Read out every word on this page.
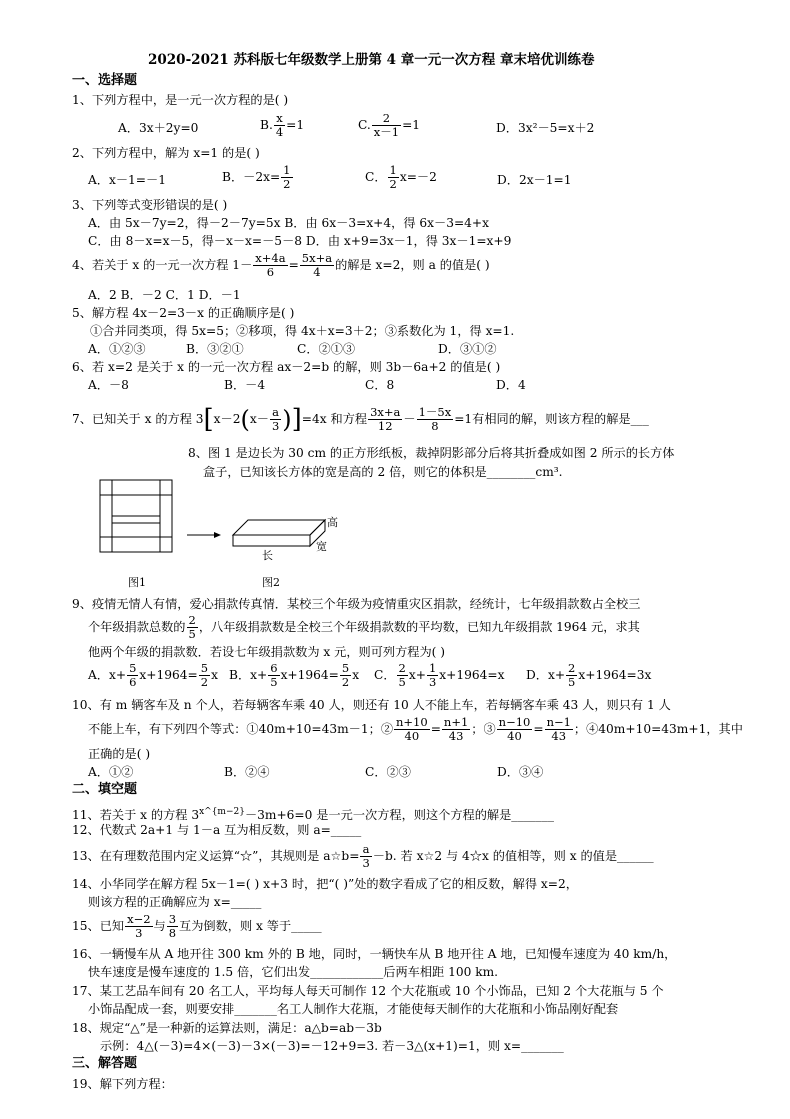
2020-2021 苏科版七年级数学上册第 4 章一元一次方程 章末培优训练卷
一、选择题
1、下列方程中，是一元一次方程的是( )
A．3x＋2y=0	B. $\frac{x}{4} =1$	C. $\frac{2}{x-1} =1$	D．3x²－5=x＋2
2、下列方程中，解为 x=1 的是( )
A．x－1=－1	B．$-2x= \frac{1}{2}$	C． $\frac{1}{2} x=-2$	D．2x－1=1
3、下列等式变形错误的是( )
A．由 5x－7y=2，得－2－7y=5x B．由 6x－3=x+4，得 6x－3=4+x
C．由 8－x=x－5，得－x－x=－5－8 D．由 x+9=3x－1，得 3x－1=x+9
4、若关于 x 的一元一次方程 $1- \frac{x+4a}{6} = \frac{5x+a}{4}$ 的解是 x=2，则 a 的值是( )
A．2 B．－2 C．1 D．－1
5、解方程 4x－2=3－x 的正确顺序是( )
①合并同类项，得 5x=5；②移项，得 4x＋x=3＋2；③系数化为 1，得 x=1.
A．①②③	B．③②①	C．②①③	D．③①②
6、若 x=2 是关于 x 的一元一次方程 ax－2=b 的解，则 3b－6a+2 的值是( )
A．－8	B．－4	C．8	D．4
7、已知关于 x 的方程 $3[x-2(x- \frac{a}{3} )]=4x$ 和方程 $\frac{3x+a}{12} - \frac{1-5x}{8} =1$有相同的解，则该方程的解是___
8、图 1 是边长为 30 cm 的正方形纸板，裁掉阴影部分后将其折叠成如图 2 所示的长方体
盒子，已知该长方体的宽是高的 2 倍，则它的体积是________cm³.
高
宽
长
图1	图2
9、疫情无情人有情，爱心捐款传真情．某校三个年级为疫情重灾区捐款，经统计，七年级捐款数占全校三
个年级捐款总数的 $\frac{2}{5}$ ，八年级捐款数是全校三个年级捐款数的平均数，已知九年级捐款 1964 元，求其
他两个年级的捐款数．若设七年级捐款数为 x 元，则可列方程为( )
A．$x+ \frac{5}{6} x+1964= \frac{5}{2}$ x B．$x+ \frac{6}{5} x+1964= \frac{5}{2}$ x C． $\frac{2}{5} x+ \frac{1}{3} x+1964=x$ D．$x+ \frac{2}{5} x+1964=3x$
10、有 m 辆客车及 n 个人，若每辆客车乘 40 人，则还有 10 人不能上车，若每辆客车乘 43 人，则只有 1 人
不能上车，有下列四个等式：①40m+10=43m－1；② $\frac{n+10}{40} = \frac{n+1}{43}$ ；③ $\frac{n-10}{40} = \frac{n-1}{43}$ ；④40m+10=43m+1，其中
正确的是( )
A．①②	B．②④	C．②③	D．③④
二、填空题
11、若关于 x 的方程 $3^{x\^{}\{m-2\}}-3m+6=0$ 是一元一次方程，则这个方程的解是_______
12、代数式 2a+1 与 1－a 互为相反数，则 a=_____
13、在有理数范围内定义运算“☆”，其规则是 a☆b= $\frac{a}{3} -b$. 若 x☆2 与 4☆x 的值相等，则 x 的值是______
14、小华同学在解方程 5x－1=( ) x+3 时，把“( )”处的数字看成了它的相反数，解得 x=2，
则该方程的正确解应为 x=_____
15、已知 $\frac{x-2}{3}$ 与 $\frac{3}{8}$ 互为倒数，则 x 等于_____
16、一辆慢车从 A 地开往 300 km 外的 B 地，同时，一辆快车从 B 地开往 A 地，已知慢车速度为 40 km/h，
快车速度是慢车速度的 1.5 倍，它们出发____________后两车相距 100 km.
17、某工艺品车间有 20 名工人，平均每人每天可制作 12 个大花瓶或 10 个小饰品，已知 2 个大花瓶与 5 个
小饰品配成一套，则要安排_______名工人制作大花瓶，才能使每天制作的大花瓶和小饰品刚好配套
18、规定“△”是一种新的运算法则，满足：a△b=ab－3b
示例：4△(－3)=4×(－3)－3×(－3)=－12+9=3. 若－3△(x+1)=1，则 x=_______
三、解答题
19、解下列方程：
